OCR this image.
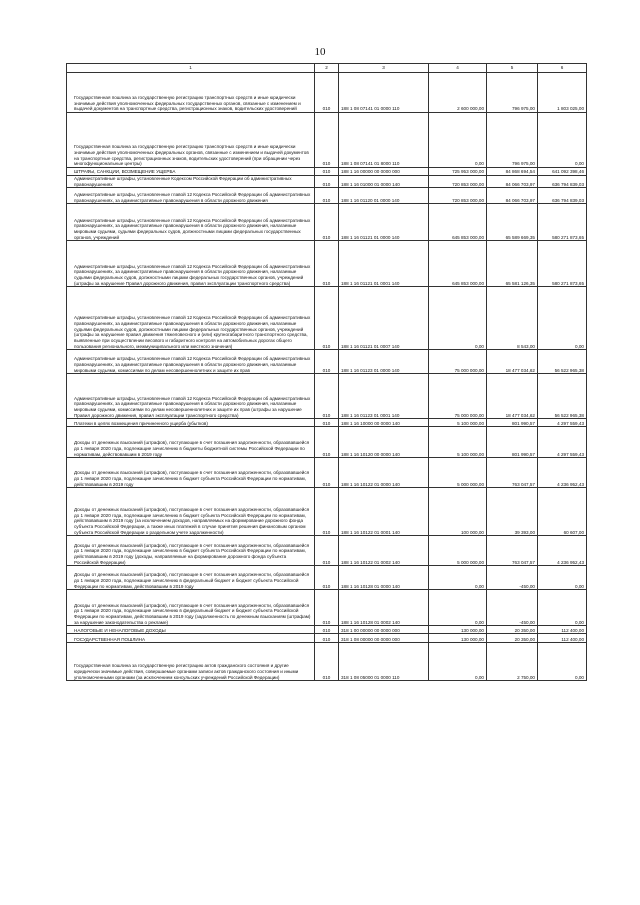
10
1	2	3	4	5	6
Государственная пошлина за государственную регистрацию транспортных средств и иные юридически значимые действия уполномоченных федеральных государственных органов, связанные с изменением и выдачей документов на транспортные средства, регистрационных знаков, водительских удостоверений	010	188 1 08 07141 01 0000 110	2 600 000,00	796 975,00	1 803 025,00
Государственная пошлина за государственную регистрацию транспортных средств и иные юридически значимые действия уполномоченных федеральных органов, связанные с изменением и выдачей документов на транспортные средства, регистрационных знаков, водительских удостоверений (при обращении через многофункциональные центры)	010	188 1 08 07141 01 8000 110	0,00	796 975,00	0,00
ШТРАФЫ, САНКЦИИ, ВОЗМЕЩЕНИЕ УЩЕРБА	010	188 1 16 00000 00 0000 000	725 953 000,00	84 868 694,54	641 092 398,46
Административные штрафы, установленные Кодексом Российской Федерации об административных правонарушениях	010	188 1 16 01000 01 0000 140	720 853 000,00	84 066 703,97	636 794 839,03
Административные штрафы, установленные главой 12 Кодекса Российской Федерации об административных правонарушениях, за административные правонарушения в области дорожного движения	010	188 1 16 01120 01 0000 140	720 853 000,00	84 066 703,97	636 794 839,03
Административные штрафы, установленные главой 12 Кодекса Российской Федерации об административных правонарушениях, за административные правонарушения в области дорожного движения, налагаемые мировыми судьями, судьями федеральных судов, должностными лицами федеральных государственных органов, учреждений	010	188 1 16 01121 01 0000 140	645 853 000,00	65 589 669,35	580 271 873,65
Административные штрафы, установленные главой 12 Кодекса Российской Федерации об административных правонарушениях, за административные правонарушения в области дорожного движения, налагаемые судьями федеральных судов, должностными лицами федеральных государственных органов, учреждений (штрафы за нарушение Правил дорожного движения, правил эксплуатации транспортного средства)	010	188 1 16 01121 01 0001 140	645 853 000,00	65 581 126,35	580 271 873,65
Административные штрафы, установленные главой 12 Кодекса Российской Федерации об административных правонарушениях, за административные правонарушения в области дорожного движения, налагаемые судьями федеральных судов, должностными лицами федеральных государственных органов, учреждений (штрафы за нарушение правил движения тяжеловесного и (или) крупногабаритного транспортного средства, выявленные при осуществлении весового и габаритного контроля на автомобильных дорогах общего пользования регионального, межмуниципального или местного значения)	010	188 1 16 01121 01 0007 140	0,00	8 543,00	0,00
Административные штрафы, установленные главой 12 Кодекса Российской Федерации об административных правонарушениях, за административные правонарушения в области дорожного движения, налагаемые мировыми судьями, комиссиями по делам несовершеннолетних и защите их прав	010	188 1 16 01123 01 0000 140	75 000 000,00	18 477 034,62	56 522 965,38
Административные штрафы, установленные главой 12 Кодекса Российской Федерации об административных правонарушениях, за административные правонарушения в области дорожного движения, налагаемые мировыми судьями, комиссиями по делам несовершеннолетних и защите их прав (штрафы за нарушение Правил дорожного движения, правил эксплуатации транспортного средства)	010	188 1 16 01123 01 0001 140	75 000 000,00	18 477 034,62	56 522 965,38
Платежи в целях возмещения причиненного ущерба (убытков)	010	188 1 16 10000 00 0000 140	5 100 000,00	801 990,57	4 297 559,43
Доходы от денежных взысканий (штрафов), поступающие в счет погашения задолженности, образовавшейся до 1 января 2020 года, подлежащие зачислению в бюджеты бюджетной системы Российской Федерации по нормативам, действовавшим в 2019 году	010	188 1 16 10120 00 0000 140	5 100 000,00	801 990,57	4 297 559,43
Доходы от денежных взысканий (штрафов), поступающие в счет погашения задолженности, образовавшейся до 1 января 2020 года, подлежащие зачислению в бюджет субъекта Российской Федерации по нормативам, действовавшим в 2019 году	010	188 1 16 10122 01 0000 140	5 000 000,00	763 047,57	4 236 952,43
Доходы от денежных взысканий (штрафов), поступающие в счет погашения задолженности, образовавшейся до 1 января 2020 года, подлежащие зачислению в бюджет субъекта Российской Федерации по нормативам, действовавшим в 2019 году (за исключением доходов, направляемых на формирование дорожного фонда субъекта Российской Федерации, а также иных платежей в случае принятия решения финансовым органом субъекта Российской Федерации о раздельном учете задолженности)	010	188 1 16 10122 01 0001 140	100 000,00	39 393,00	60 607,00
Доходы от денежных взысканий (штрафов), поступающие в счет погашения задолженности, образовавшейся до 1 января 2020 года, подлежащие зачислению в бюджет субъекта Российской Федерации по нормативам, действовавшим в 2019 году (доходы, направляемые на формирование дорожного фонда субъекта Российской Федерации)	010	188 1 16 10122 01 0002 140	5 000 000,00	763 047,57	4 236 952,43
Доходы от денежных взысканий (штрафов), поступающие в счет погашения задолженности, образовавшейся до 1 января 2020 года, подлежащие зачислению в федеральный бюджет и бюджет субъекта Российской Федерации по нормативам, действовавшим в 2019 году	010	188 1 16 10128 01 0000 140	0,00	-450,00	0,00
Доходы от денежных взысканий (штрафов), поступающие в счет погашения задолженности, образовавшейся до 1 января 2020 года, подлежащие зачислению в федеральный бюджет и бюджет субъекта Российской Федерации по нормативам, действовавшим в 2019 году (задолженность по денежным взысканиям (штрафам) за нарушение законодательства о рекламе)	010	188 1 16 10128 01 0002 140	0,00	-450,00	0,00
НАЛОГОВЫЕ И НЕНАЛОГОВЫЕ ДОХОДЫ	010	318 1 00 00000 00 0000 000	130 000,00	20 350,00	112 400,00
ГОСУДАРСТВЕННАЯ ПОШЛИНА	010	318 1 08 00000 00 0000 000	130 000,00	20 350,00	112 400,00
Государственная пошлина за государственную регистрацию актов гражданского состояния и другие юридически значимые действия, совершаемые органами записи актов гражданского состояния и иными уполномоченными органами (за исключением консульских учреждений Российской Федерации)	010	318 1 08 05000 01 0000 110	0,00	2 750,00	0,00
